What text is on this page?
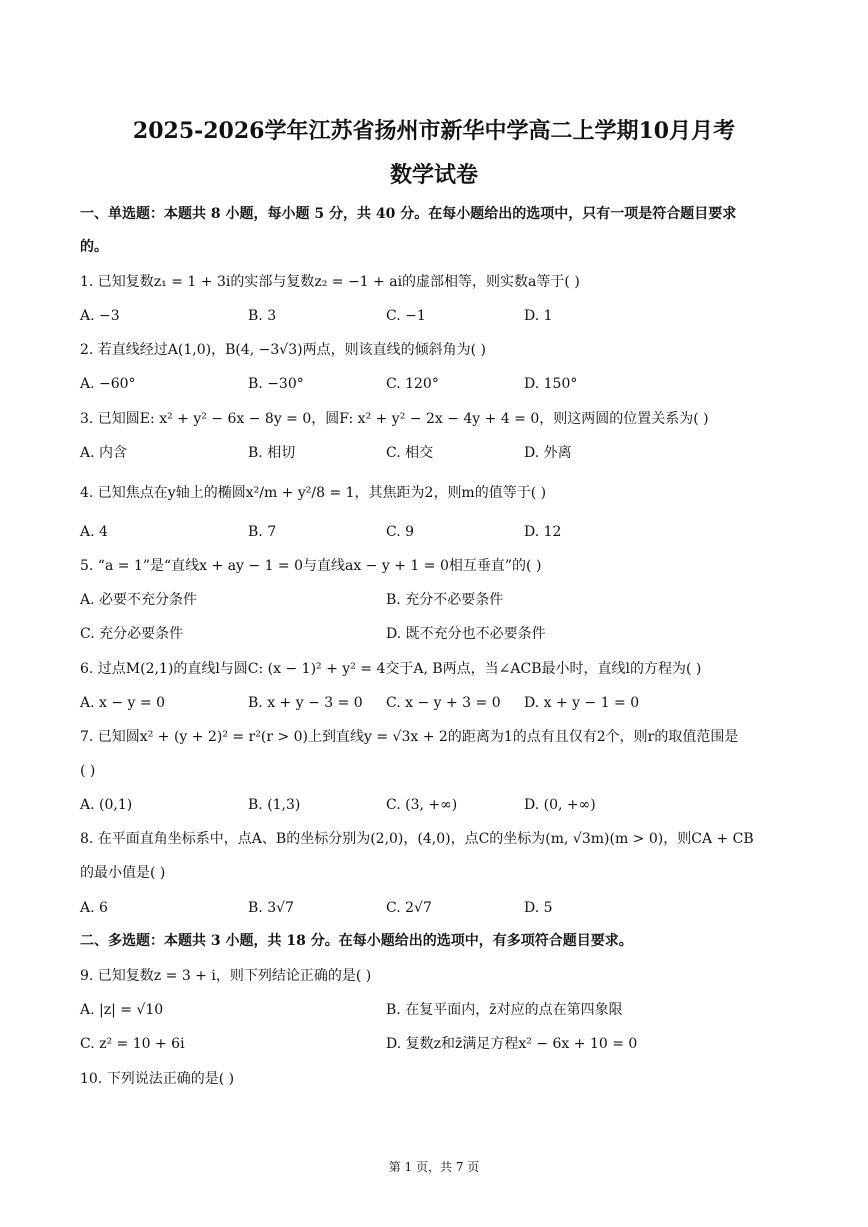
2025-2026学年江苏省扬州市新华中学高二上学期10月月考
数学试卷
一、单选题：本题共 8 小题，每小题 5 分，共 40 分。在每小题给出的选项中，只有一项是符合题目要求
的。
1. 已知复数z₁ = 1 + 3i的实部与复数z₂ = −1 + ai的虚部相等，则实数a等于( )
A. −3	B. 3	C. −1	D. 1
2. 若直线经过A(1,0)，B(4, −3√3)两点，则该直线的倾斜角为( )
A. −60°	B. −30°	C. 120°	D. 150°
3. 已知圆E: x² + y² − 6x − 8y = 0，圆F: x² + y² − 2x − 4y + 4 = 0，则这两圆的位置关系为( )
A. 内含	B. 相切	C. 相交	D. 外离
4. 已知焦点在y轴上的椭圆x²/m + y²/8 = 1，其焦距为2，则m的值等于( )
A. 4	B. 7	C. 9	D. 12
5. “a = 1”是“直线x + ay − 1 = 0与直线ax − y + 1 = 0相互垂直”的( )
A. 必要不充分条件	B. 充分不必要条件
C. 充分必要条件	D. 既不充分也不必要条件
6. 过点M(2,1)的直线l与圆C: (x − 1)² + y² = 4交于A, B两点，当∠ACB最小时，直线l的方程为( )
A. x − y = 0	B. x + y − 3 = 0 C. x − y + 3 = 0 D. x + y − 1 = 0
7. 已知圆x² + (y + 2)² = r²(r > 0)上到直线y = √3x + 2的距离为1的点有且仅有2个，则r的取值范围是
( )
A. (0,1)	B. (1,3)	C. (3, +∞)	D. (0, +∞)
8. 在平面直角坐标系中，点A、B的坐标分别为(2,0)，(4,0)，点C的坐标为(m, √3m)(m > 0)，则CA + CB
的最小值是( )
A. 6	B. 3√7	C. 2√7	D. 5
二、多选题：本题共 3 小题，共 18 分。在每小题给出的选项中，有多项符合题目要求。
9. 已知复数z = 3 + i，则下列结论正确的是( )
A. |z| = √10	B. 在复平面内，z̄对应的点在第四象限
C. z² = 10 + 6i	D. 复数z和z̄满足方程x² − 6x + 10 = 0
10. 下列说法正确的是( )
第 1 页，共 7 页
